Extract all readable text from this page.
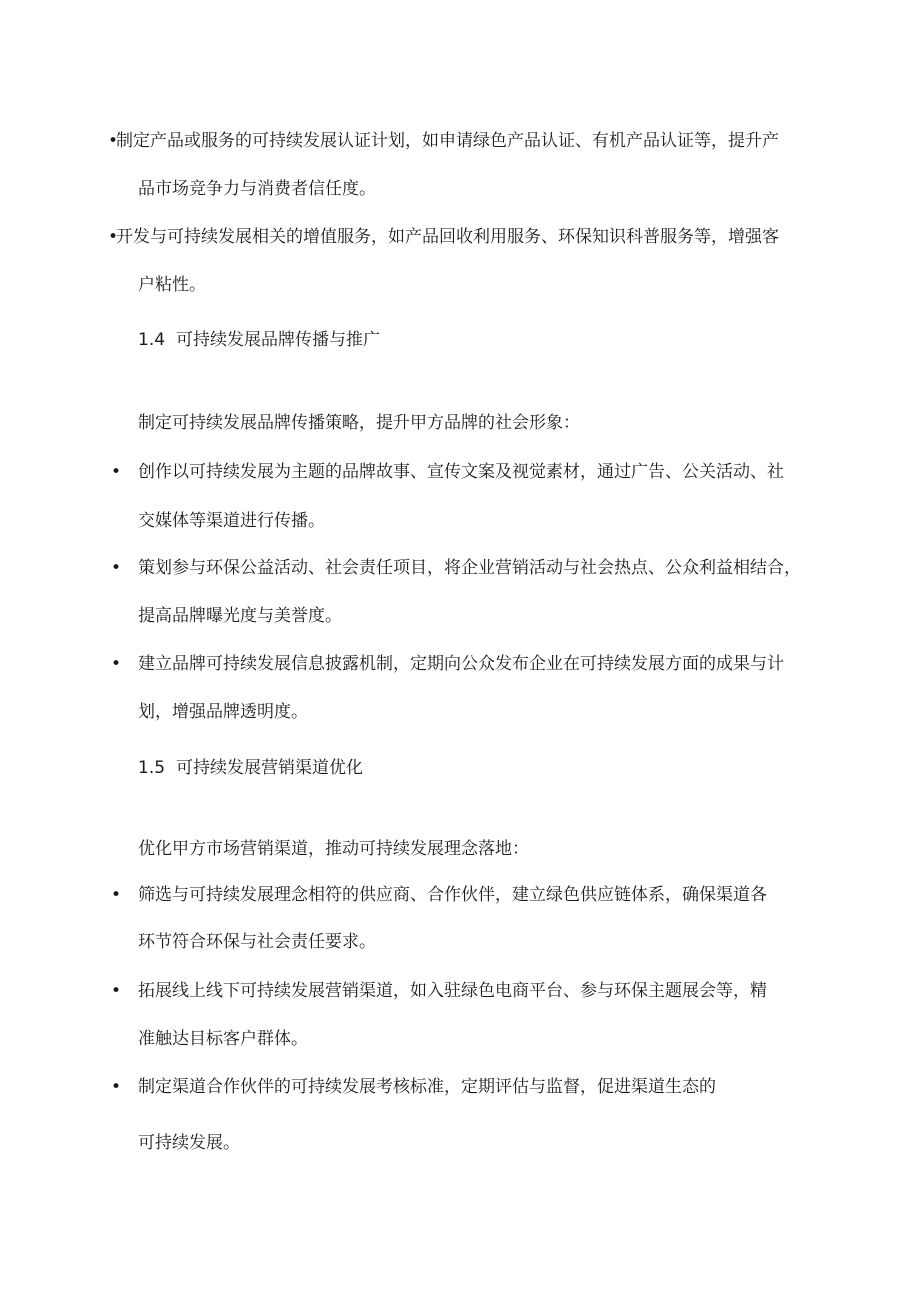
•
制定产品或服务的可持续发展认证计划，如申请绿色产品认证、有机产品认证等，提升产
品市场竞争力与消费者信任度。
•
开发与可持续发展相关的增值服务，如产品回收利用服务、环保知识科普服务等，增强客
户粘性。
1.4 可持续发展品牌传播与推广
制定可持续发展品牌传播策略，提升甲方品牌的社会形象：
• 创作以可持续发展为主题的品牌故事、宣传文案及视觉素材，通过广告、公关活动、社
交媒体等渠道进行传播。
• 策划参与环保公益活动、社会责任项目，将企业营销活动与社会热点、公众利益相结合，
提高品牌曝光度与美誉度。
• 建立品牌可持续发展信息披露机制，定期向公众发布企业在可持续发展方面的成果与计
划，增强品牌透明度。
1.5 可持续发展营销渠道优化
优化甲方市场营销渠道，推动可持续发展理念落地：
• 筛选与可持续发展理念相符的供应商、合作伙伴，建立绿色供应链体系，确保渠道各
环节符合环保与社会责任要求。
• 拓展线上线下可持续发展营销渠道，如入驻绿色电商平台、参与环保主题展会等，精
准触达目标客户群体。
• 制定渠道合作伙伴的可持续发展考核标准，定期评估与监督，促进渠道生态的
可持续发展。
